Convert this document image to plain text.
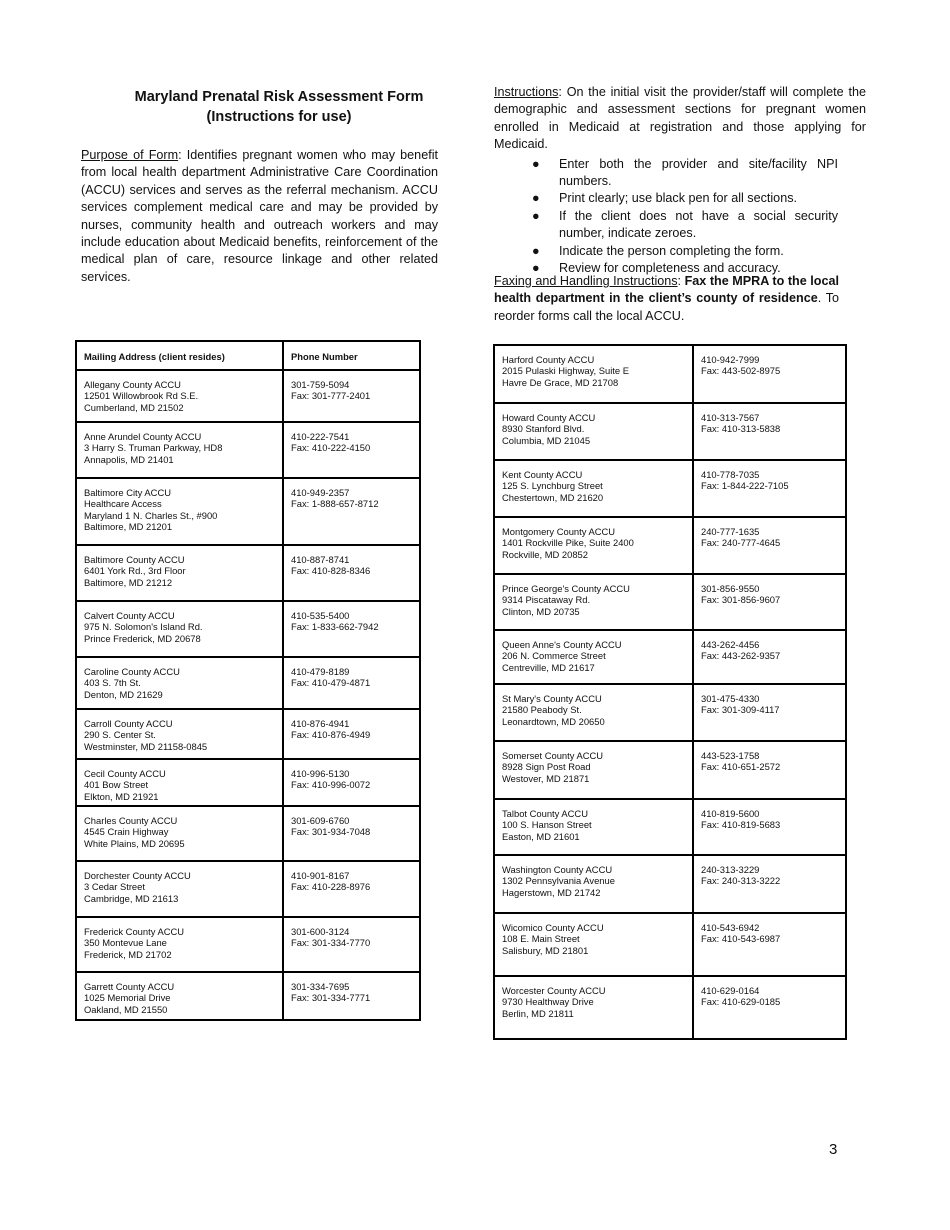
Maryland Prenatal Risk Assessment Form
(Instructions for use)

Purpose of Form: Identifies pregnant women who may benefit from local health department Administrative Care Coordination (ACCU) services and serves as the referral mechanism. ACCU services complement medical care and may be provided by nurses, community health and outreach workers and may include education about Medicaid benefits, reinforcement of the medical plan of care, resource linkage and other related services.

Instructions: On the initial visit the provider/staff will complete the demographic and assessment sections for pregnant women enrolled in Medicaid at registration and those applying for Medicaid.
● Enter both the provider and site/facility NPI numbers.
● Print clearly; use black pen for all sections.
● If the client does not have a social security number, indicate zeroes.
● Indicate the person completing the form.
● Review for completeness and accuracy.

Faxing and Handling Instructions: Fax the MPRA to the local health department in the client’s county of residence. To reorder forms call the local ACCU.

Mailing Address (client resides)	Phone Number

Allegany County ACCU
12501 Willowbrook Rd S.E.
Cumberland, MD 21502	301-759-5094
Fax: 301-777-2401

Anne Arundel County ACCU
3 Harry S. Truman Parkway, HD8
Annapolis, MD 21401	410-222-7541
Fax: 410-222-4150

Baltimore City ACCU
Healthcare Access
Maryland 1 N. Charles St., #900
Baltimore, MD 21201	410-949-2357
Fax: 1-888-657-8712

Baltimore County ACCU
6401 York Rd., 3rd Floor
Baltimore, MD 21212	410-887-8741
Fax: 410-828-8346

Calvert County ACCU
975 N. Solomon's Island Rd.
Prince Frederick, MD 20678	410-535-5400
Fax: 1-833-662-7942

Caroline County ACCU
403 S. 7th St.
Denton, MD 21629	410-479-8189
Fax: 410-479-4871

Carroll County ACCU
290 S. Center St.
Westminster, MD 21158-0845	410-876-4941
Fax: 410-876-4949

Cecil County ACCU
401 Bow Street
Elkton, MD 21921	410-996-5130
Fax: 410-996-0072

Charles County ACCU
4545 Crain Highway
White Plains, MD 20695	301-609-6760
Fax: 301-934-7048

Dorchester County ACCU
3 Cedar Street
Cambridge, MD 21613	410-901-8167
Fax: 410-228-8976

Frederick County ACCU
350 Montevue Lane
Frederick, MD 21702	301-600-3124
Fax: 301-334-7770

Garrett County ACCU
1025 Memorial Drive
Oakland, MD 21550	301-334-7695
Fax: 301-334-7771
Harford County ACCU
2015 Pulaski Highway, Suite E
Havre De Grace, MD 21708	410-942-7999
Fax: 443-502-8975

Howard County ACCU
8930 Stanford Blvd.
Columbia, MD 21045	410-313-7567
Fax: 410-313-5838

Kent County ACCU
125 S. Lynchburg Street
Chestertown, MD 21620	410-778-7035
Fax: 1-844-222-7105

Montgomery County ACCU
1401 Rockville Pike, Suite 2400
Rockville, MD 20852	240-777-1635
Fax: 240-777-4645

Prince George's County ACCU
9314 Piscataway Rd.
Clinton, MD 20735	301-856-9550
Fax: 301-856-9607

Queen Anne's County ACCU
206 N. Commerce Street
Centreville, MD 21617	443-262-4456
Fax: 443-262-9357

St Mary's County ACCU
21580 Peabody St.
Leonardtown, MD 20650	301-475-4330
Fax: 301-309-4117

Somerset County ACCU
8928 Sign Post Road
Westover, MD 21871	443-523-1758
Fax: 410-651-2572

Talbot County ACCU
100 S. Hanson Street
Easton, MD 21601	410-819-5600
Fax: 410-819-5683

Washington County ACCU
1302 Pennsylvania Avenue
Hagerstown, MD 21742	240-313-3229
Fax: 240-313-3222

Wicomico County ACCU
108 E. Main Street
Salisbury, MD 21801	410-543-6942
Fax: 410-543-6987

Worcester County ACCU
9730 Healthway Drive
Berlin, MD 21811	410-629-0164
Fax: 410-629-0185
3
